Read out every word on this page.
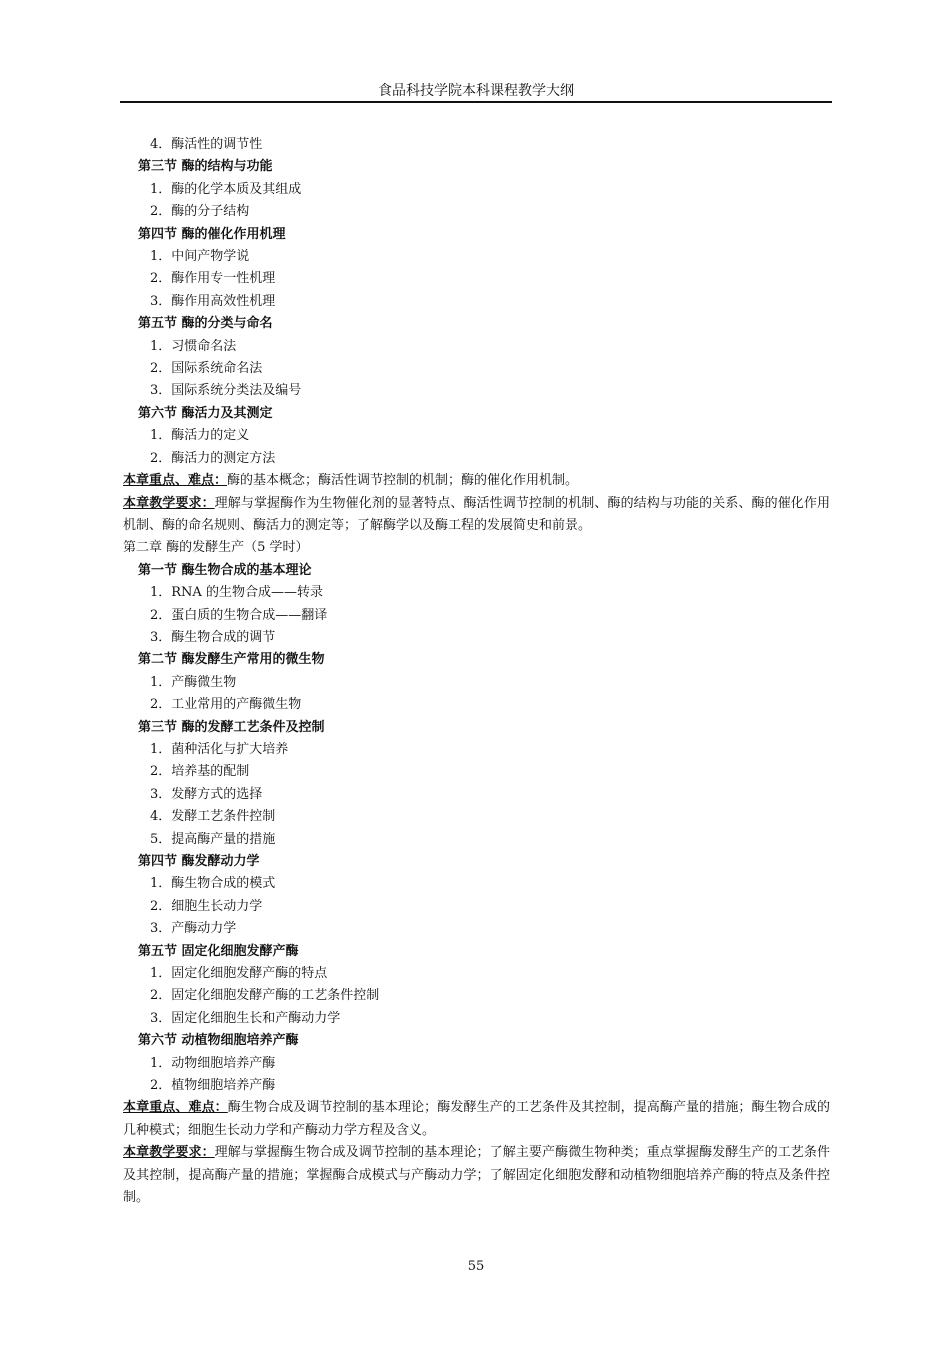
食品科技学院本科课程教学大纲
4．酶活性的调节性
第三节 酶的结构与功能
1．酶的化学本质及其组成
2．酶的分子结构
第四节 酶的催化作用机理
1．中间产物学说
2．酶作用专一性机理
3．酶作用高效性机理
第五节 酶的分类与命名
1．习惯命名法
2．国际系统命名法
3．国际系统分类法及编号
第六节 酶活力及其测定
1．酶活力的定义
2．酶活力的测定方法
本章重点、难点：酶的基本概念；酶活性调节控制的机制；酶的催化作用机制。
本章教学要求：理解与掌握酶作为生物催化剂的显著特点、酶活性调节控制的机制、酶的结构与功能的关系、酶的催化作用机制、酶的命名规则、酶活力的测定等；了解酶学以及酶工程的发展简史和前景。
第二章 酶的发酵生产（5 学时）
第一节 酶生物合成的基本理论
1．RNA 的生物合成——转录
2．蛋白质的生物合成——翻译
3．酶生物合成的调节
第二节 酶发酵生产常用的微生物
1．产酶微生物
2．工业常用的产酶微生物
第三节 酶的发酵工艺条件及控制
1．菌种活化与扩大培养
2．培养基的配制
3．发酵方式的选择
4．发酵工艺条件控制
5．提高酶产量的措施
第四节 酶发酵动力学
1．酶生物合成的模式
2．细胞生长动力学
3．产酶动力学
第五节 固定化细胞发酵产酶
1．固定化细胞发酵产酶的特点
2．固定化细胞发酵产酶的工艺条件控制
3．固定化细胞生长和产酶动力学
第六节 动植物细胞培养产酶
1．动物细胞培养产酶
2．植物细胞培养产酶
本章重点、难点：酶生物合成及调节控制的基本理论；酶发酵生产的工艺条件及其控制，提高酶产量的措施；酶生物合成的几种模式；细胞生长动力学和产酶动力学方程及含义。
本章教学要求：理解与掌握酶生物合成及调节控制的基本理论；了解主要产酶微生物种类；重点掌握酶发酵生产的工艺条件及其控制，提高酶产量的措施；掌握酶合成模式与产酶动力学；了解固定化细胞发酵和动植物细胞培养产酶的特点及条件控制。
55
